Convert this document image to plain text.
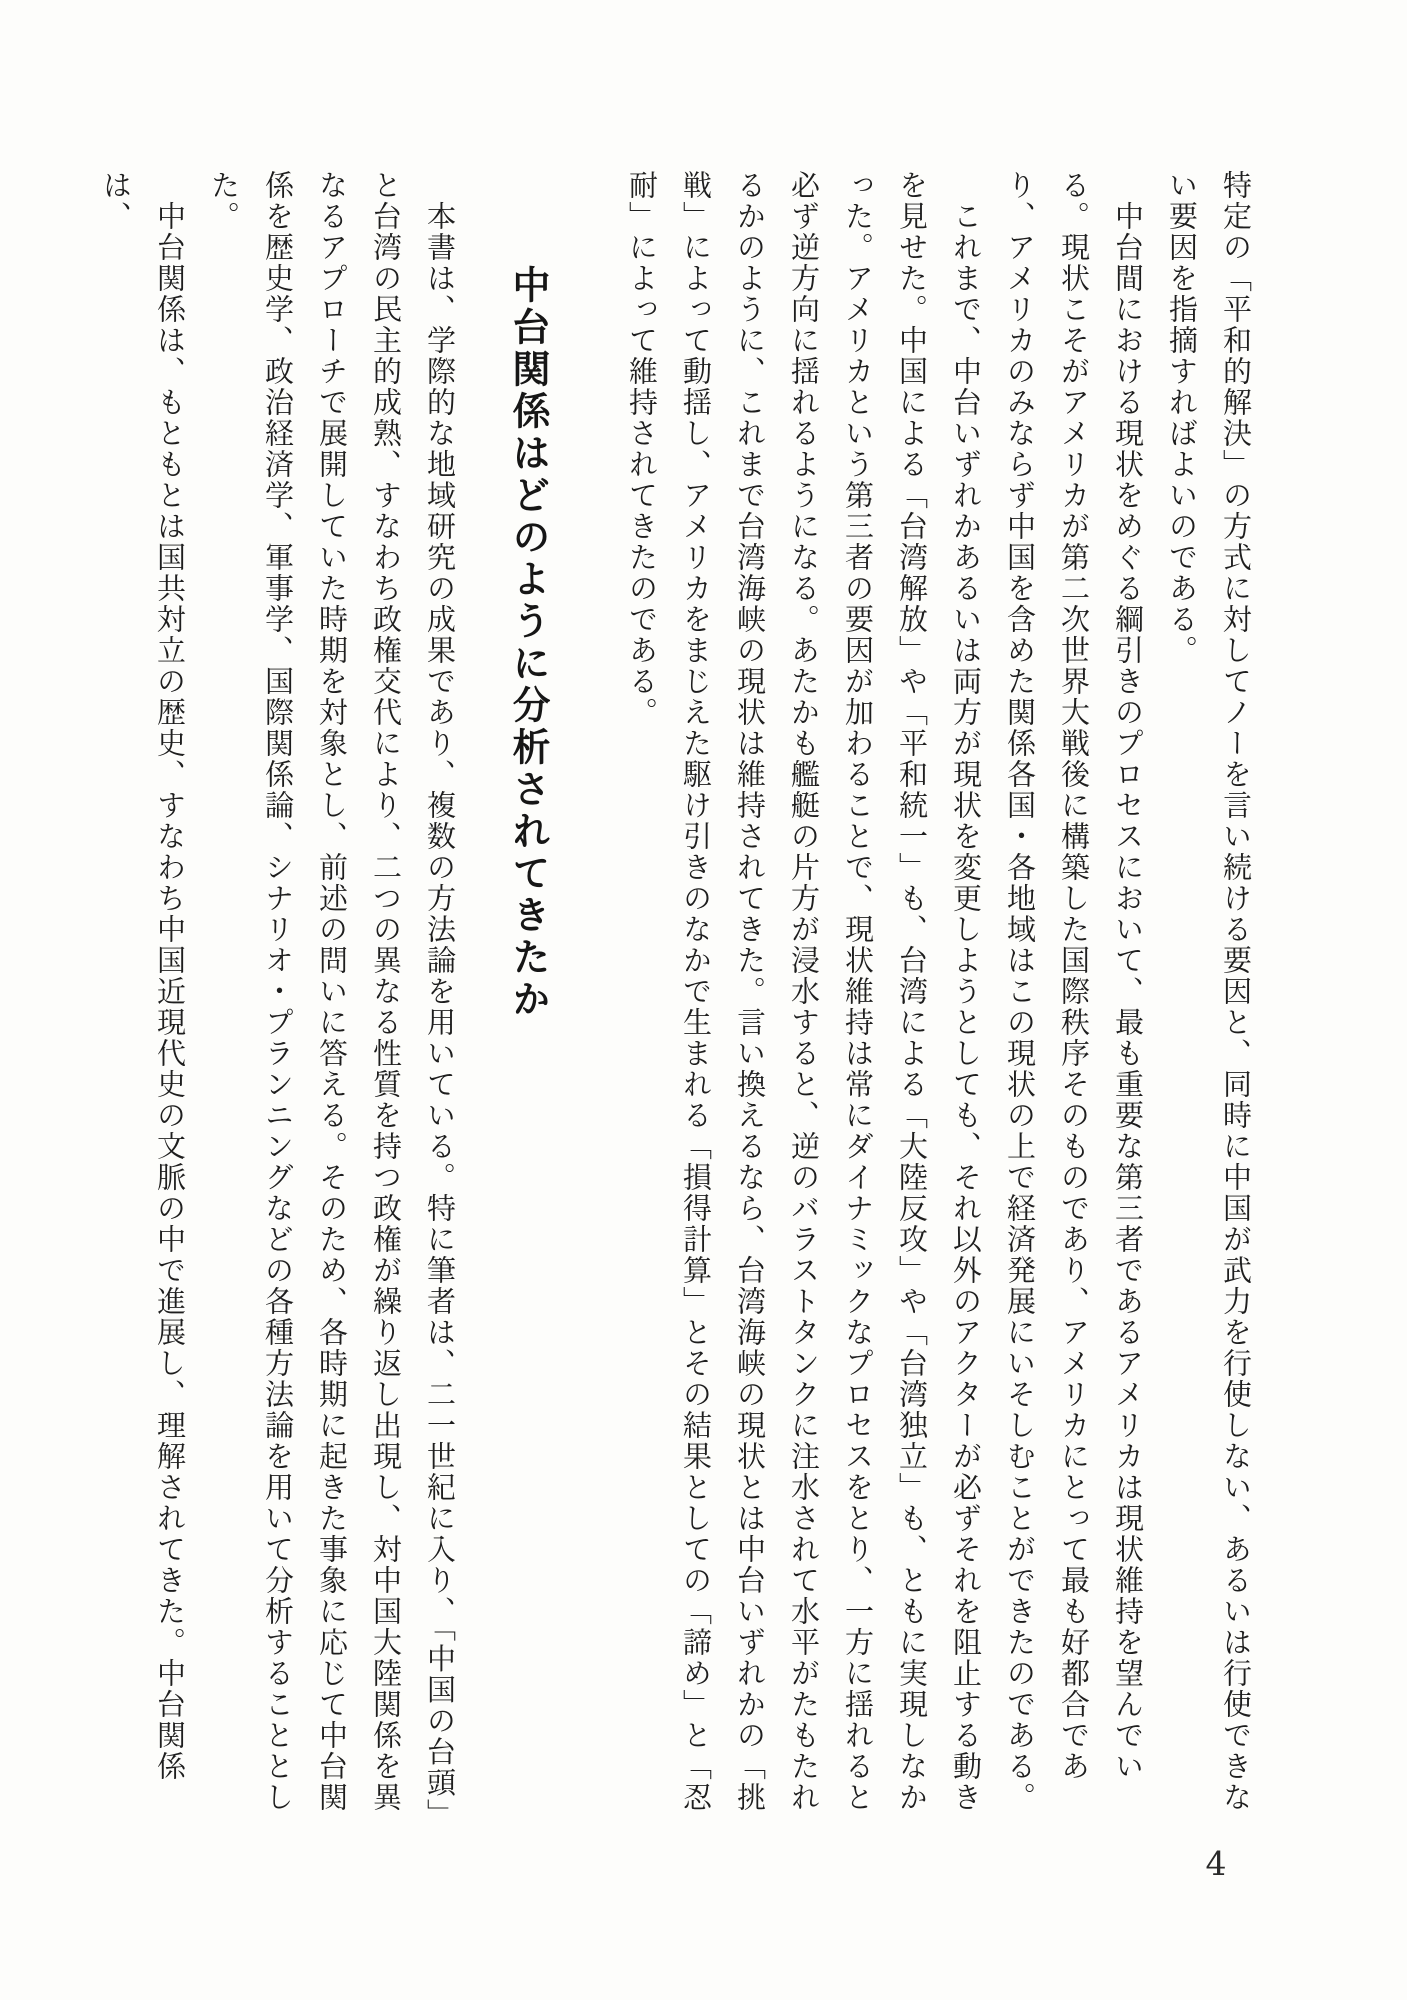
特定の「平和的解決」の方式に対してノーを言い続ける要因と、同時に中国が武力を行使しない、あるいは行使できない要因を指摘すればよいのである。

中台間における現状をめぐる綱引きのプロセスにおいて、最も重要な第三者であるアメリカは現状維持を望んでいる。現状こそがアメリカが第二次世界大戦後に構築した国際秩序そのものであり、アメリカにとって最も好都合であり、アメリカのみならず中国を含めた関係各国・各地域はこの現状の上で経済発展にいそしむことができたのである。

これまで、中台いずれかあるいは両方が現状を変更しようとしても、それ以外のアクターが必ずそれを阻止する動きを見せた。中国による「台湾解放」や「平和統一」も、台湾による「大陸反攻」や「台湾独立」も、ともに実現しなかった。アメリカという第三者の要因が加わることで、現状維持は常にダイナミックなプロセスをとり、一方に揺れると必ず逆方向に揺れるようになる。あたかも艦艇の片方が浸水すると、逆のバラストタンクに注水されて水平がたもたれるかのように、これまで台湾海峡の現状は維持されてきた。言い換えるなら、台湾海峡の現状とは中台いずれかの「挑戦」によって動揺し、アメリカをまじえた駆け引きのなかで生まれる「損得計算」とその結果としての「諦め」と「忍耐」によって維持されてきたのである。

中台関係はどのように分析されてきたか

本書は、学際的な地域研究の成果であり、複数の方法論を用いている。特に筆者は、二一世紀に入り、「中国の台頭」と台湾の民主的成熟、すなわち政権交代により、二つの異なる性質を持つ政権が繰り返し出現し、対中国大陸関係を異なるアプローチで展開していた時期を対象とし、前述の問いに答える。そのため、各時期に起きた事象に応じて中台関係を歴史学、政治経済学、軍事学、国際関係論、シナリオ・プランニングなどの各種方法論を用いて分析することとした。

中台関係は、もともとは国共対立の歴史、すなわち中国近現代史の文脈の中で進展し、理解されてきた。中台関係は、

4
